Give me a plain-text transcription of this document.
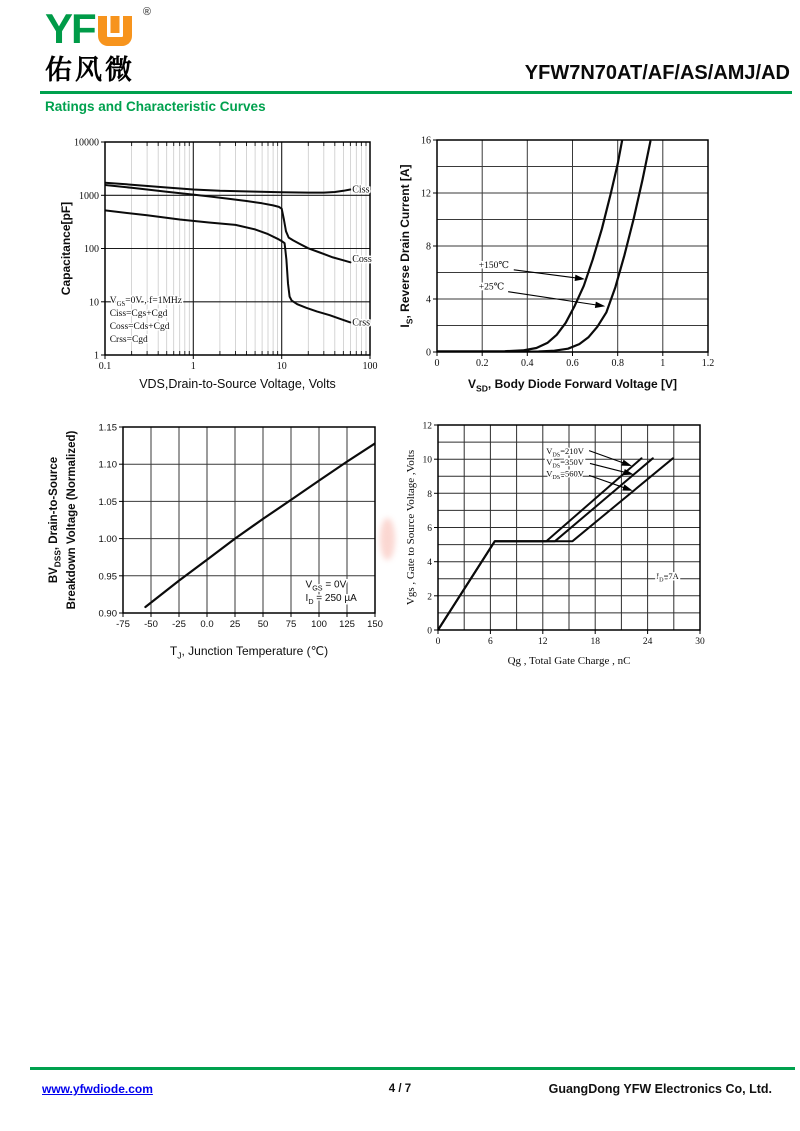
YF	®
佑风微	YFW7N70AT/AF/AS/AMJ/AD
Ratings and Characteristic Curves
0.1	1	10	100
1
10
100
1000
10000
VDS,Drain-to-Source Voltage, Volts
Capacitance[pF]
$V_{GS}=0V$ , f=1MHz
Ciss=Cgs+Cgd
Coss=Cds+Cgd
Crss=Cgd
Ciss
Coss
Crss
0	0.2	0.4	0.6	0.8	1	1.2
0
4
8
12
16
$V_{SD}$, Body Diode Forward Voltage [V]
$I_S$, Reverse Drain Current [A]	+150℃
+25℃
-75 -50 -25 0.0 25 50 75 100 125 150
0.90
0.95
1.00
1.05
1.10
1.15
$T_J$, Junction Temperature (℃)
$BV_{DSS}$, Drain-to-Source Breakdown Voltage (Normalized)	$V_{GS} = 0V$
$I_D = 250$ µA
0	6	12	18	24	30
0
2
4
6
8
10
12
Qg , Total Gate Charge , nC
Vgs , Gate to Source Voltage ,Volts	$V_{DS}=210V$
$V_{DS}=350V$
$V_{DS}=560V$
$I_D=7A$
www.yfwdiode.com	4 / 7	GuangDong YFW Electronics Co, Ltd.
